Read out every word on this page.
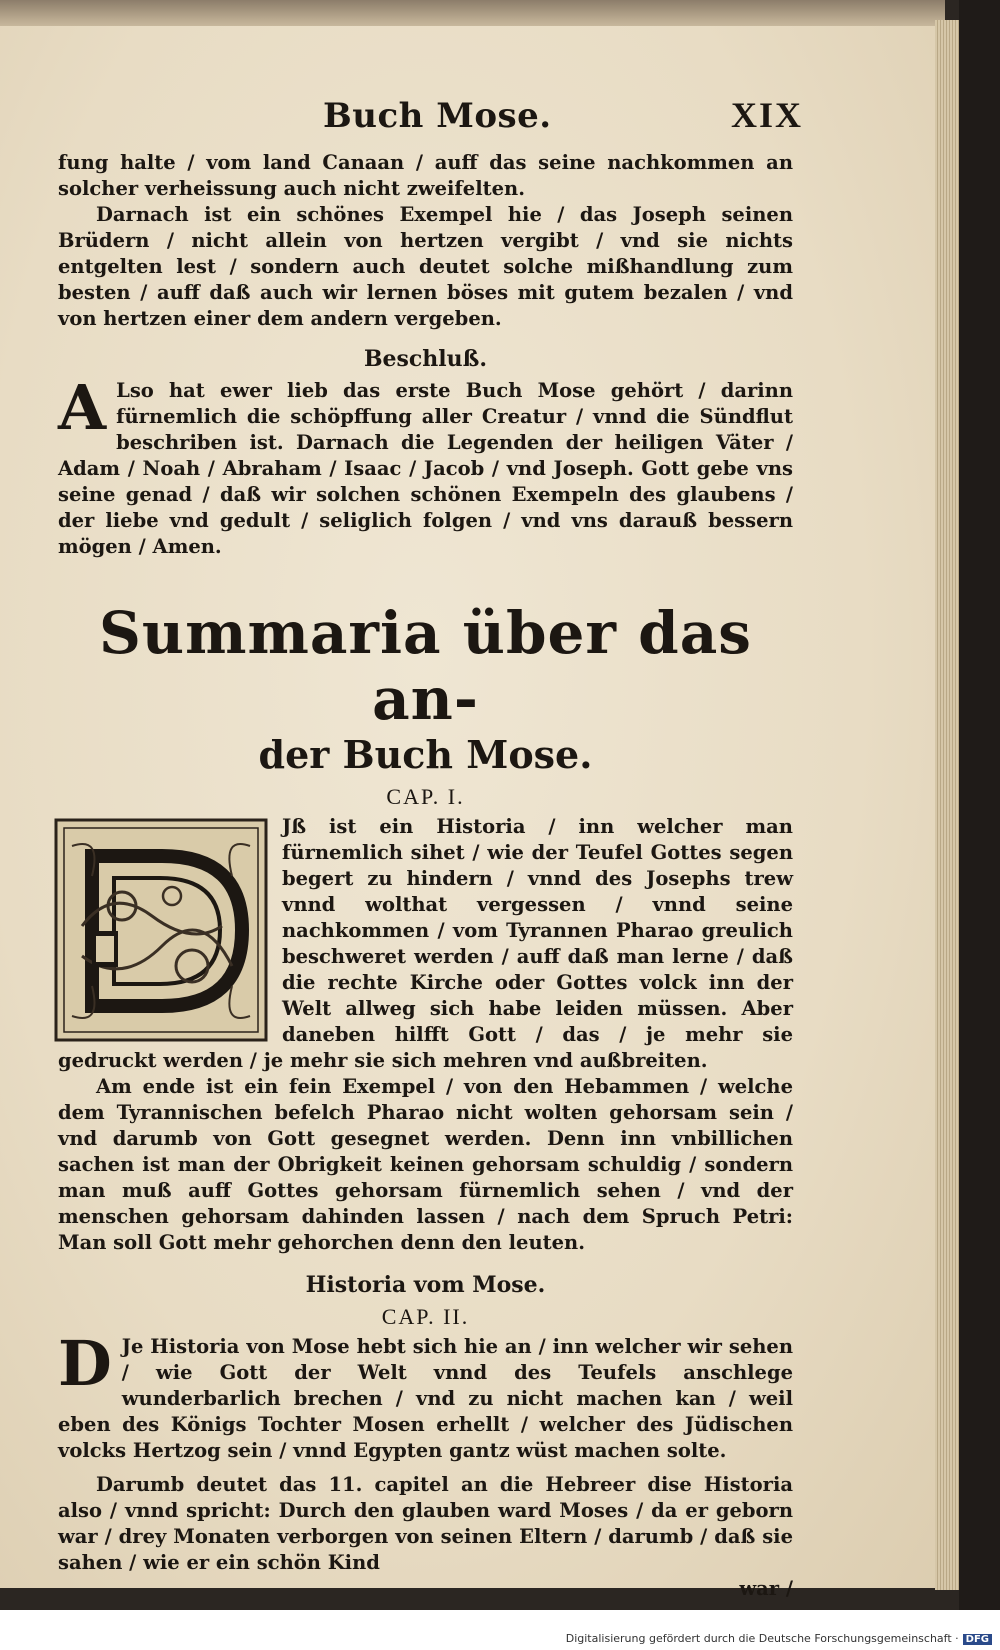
Buch Mose.	XIX

fung halte / vom land Canaan / auff das seine nachkommen an solcher verheissung auch nicht zweifelten.

Darnach ist ein schönes Exempel hie / das Joseph seinen Brüdern / nicht allein von hertzen vergibt / vnd sie nichts entgelten lest / sondern auch deutet solche mißhandlung zum besten / auff daß auch wir lernen böses mit gutem bezalen / vnd von hertzen einer dem andern vergeben.

Beschluß.

A Lso hat ewer lieb das erste Buch Mose gehört / darinn fürnemlich die schöpffung aller Creatur / vnnd die Sündflut beschriben ist. Darnach die Legenden der heiligen Väter / Adam / Noah / Abraham / Isaac / Jacob / vnd Joseph. Gott gebe vns seine genad / daß wir solchen schönen Exempeln des glaubens / der liebe vnd gedult / seliglich folgen / vnd vns darauß bessern mögen / Amen.

Summaria über das an-
der Buch Mose.
CAP. I.

Jß ist ein Historia / inn welcher man fürnemlich sihet / wie der Teufel Gottes segen begert zu hindern / vnnd des Josephs trew vnnd wolthat vergessen / vnnd seine nachkommen / vom Tyrannen Pharao greulich beschweret werden / auff daß man lerne / daß die rechte Kirche oder Gottes volck inn der Welt allweg sich habe leiden müssen. Aber daneben hilfft Gott / das / je mehr sie gedruckt werden / je mehr sie sich mehren vnd außbreiten.

Am ende ist ein fein Exempel / von den Hebammen / welche dem Tyrannischen befelch Pharao nicht wolten gehorsam sein / vnd darumb von Gott gesegnet werden. Denn inn vnbillichen sachen ist man der Obrigkeit keinen gehorsam schuldig / sondern man muß auff Gottes gehorsam fürnemlich sehen / vnd der menschen gehorsam dahinden lassen / nach dem Spruch Petri: Man soll Gott mehr gehorchen denn den leuten.

Historia vom Mose.
CAP. II.

D Je Historia von Mose hebt sich hie an / inn welcher wir sehen / wie Gott der Welt vnnd des Teufels anschlege wunderbarlich brechen / vnd zu nicht machen kan / weil eben des Königs Tochter Mosen erhellt / welcher des Jüdischen volcks Hertzog sein / vnnd Egypten gantz wüst machen solte.

Darumb deutet das 11. capitel an die Hebreer dise Historia also / vnnd spricht: Durch den glauben ward Moses / da er geborn war / drey Monaten verborgen von seinen Eltern / darumb / daß sie sahen / wie er ein schön Kind

war /

Digitalisierung gefördert durch die Deutsche Forschungsgemeinschaft · DFG
